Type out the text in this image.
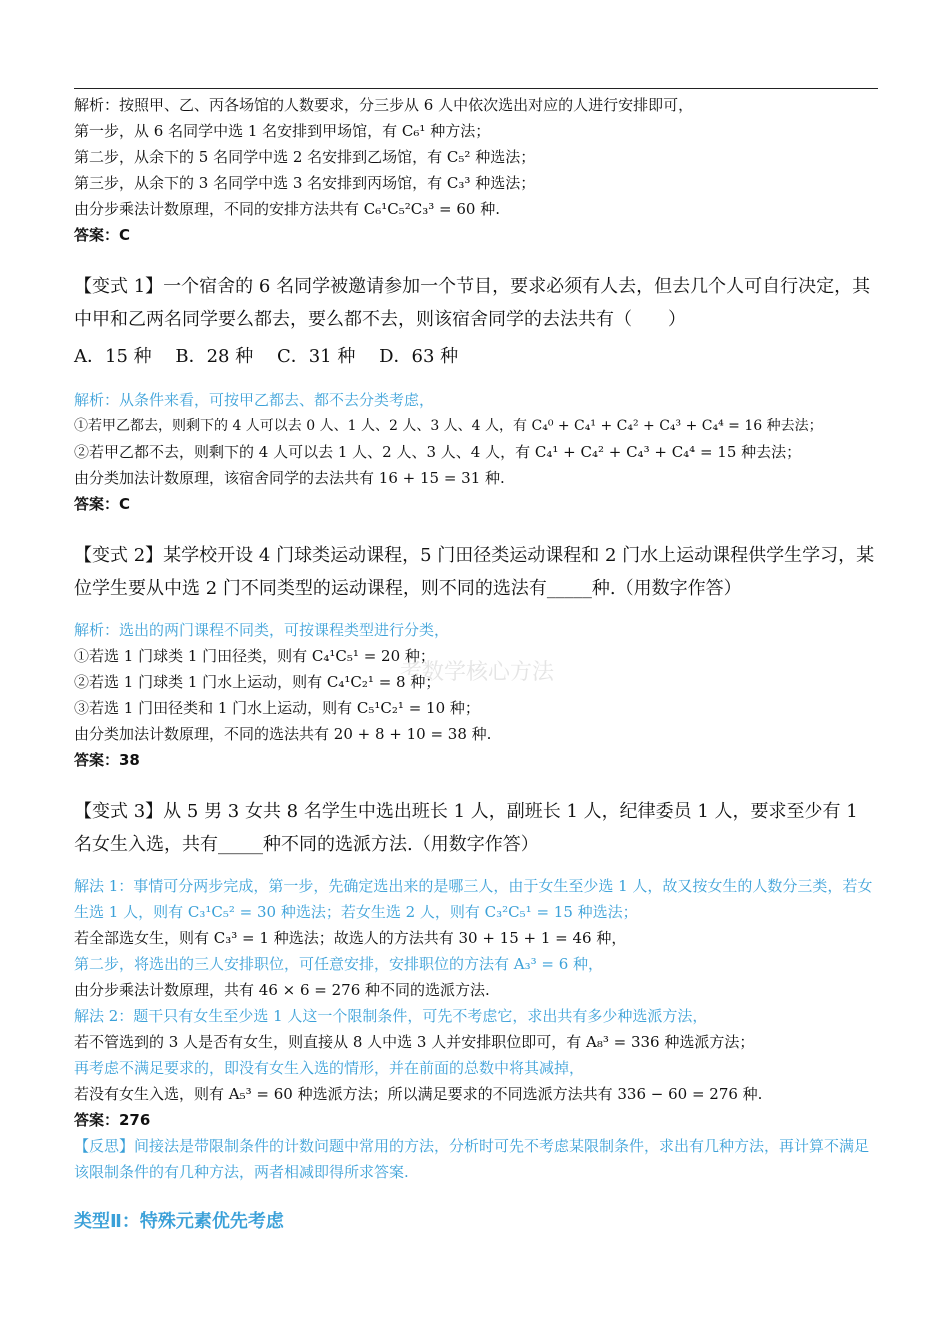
考数学核心方法
解析：按照甲、乙、丙各场馆的人数要求，分三步从 6 人中依次选出对应的人进行安排即可，
第一步，从 6 名同学中选 1 名安排到甲场馆，有 C₆¹ 种方法；
第二步，从余下的 5 名同学中选 2 名安排到乙场馆，有 C₅² 种选法；
第三步，从余下的 3 名同学中选 3 名安排到丙场馆，有 C₃³ 种选法；
由分步乘法计数原理，不同的安排方法共有 C₆¹C₅²C₃³ = 60 种.
答案：C
【变式 1】一个宿舍的 6 名同学被邀请参加一个节目，要求必须有人去，但去几个人可自行决定，其中甲和乙两名同学要么都去，要么都不去，则该宿舍同学的去法共有（　　）
A．15 种　 B．28 种　 C．31 种　 D．63 种
解析：从条件来看，可按甲乙都去、都不去分类考虑，
①若甲乙都去，则剩下的 4 人可以去 0 人、1 人、2 人、3 人、4 人，有 C₄⁰ + C₄¹ + C₄² + C₄³ + C₄⁴ = 16 种去法；
②若甲乙都不去，则剩下的 4 人可以去 1 人、2 人、3 人、4 人，有 C₄¹ + C₄² + C₄³ + C₄⁴ = 15 种去法；
由分类加法计数原理，该宿舍同学的去法共有 16 + 15 = 31 种.
答案：C
【变式 2】某学校开设 4 门球类运动课程，5 门田径类运动课程和 2 门水上运动课程供学生学习，某位学生要从中选 2 门不同类型的运动课程，则不同的选法有_____种.（用数字作答）
解析：选出的两门课程不同类，可按课程类型进行分类，
①若选 1 门球类 1 门田径类，则有 C₄¹C₅¹ = 20 种；
②若选 1 门球类 1 门水上运动，则有 C₄¹C₂¹ = 8 种；
③若选 1 门田径类和 1 门水上运动，则有 C₅¹C₂¹ = 10 种；
由分类加法计数原理，不同的选法共有 20 + 8 + 10 = 38 种.
答案：38
【变式 3】从 5 男 3 女共 8 名学生中选出班长 1 人，副班长 1 人，纪律委员 1 人，要求至少有 1 名女生入选，共有_____种不同的选派方法.（用数字作答）
解法 1：事情可分两步完成，第一步，先确定选出来的是哪三人，由于女生至少选 1 人，故又按女生的人数分三类，若女生选 1 人，则有 C₃¹C₅² = 30 种选法；若女生选 2 人，则有 C₃²C₅¹ = 15 种选法；
若全部选女生，则有 C₃³ = 1 种选法；故选人的方法共有 30 + 15 + 1 = 46 种，
第二步，将选出的三人安排职位，可任意安排，安排职位的方法有 A₃³ = 6 种，
由分步乘法计数原理，共有 46 × 6 = 276 种不同的选派方法.
解法 2：题干只有女生至少选 1 人这一个限制条件，可先不考虑它，求出共有多少种选派方法，
若不管选到的 3 人是否有女生，则直接从 8 人中选 3 人并安排职位即可，有 A₈³ = 336 种选派方法；
再考虑不满足要求的，即没有女生入选的情形，并在前面的总数中将其减掉，
若没有女生入选，则有 A₅³ = 60 种选派方法；所以满足要求的不同选派方法共有 336 − 60 = 276 种.
答案：276
【反思】间接法是带限制条件的计数问题中常用的方法，分析时可先不考虑某限制条件，求出有几种方法，再计算不满足该限制条件的有几种方法，两者相减即得所求答案.
类型Ⅱ：特殊元素优先考虑
